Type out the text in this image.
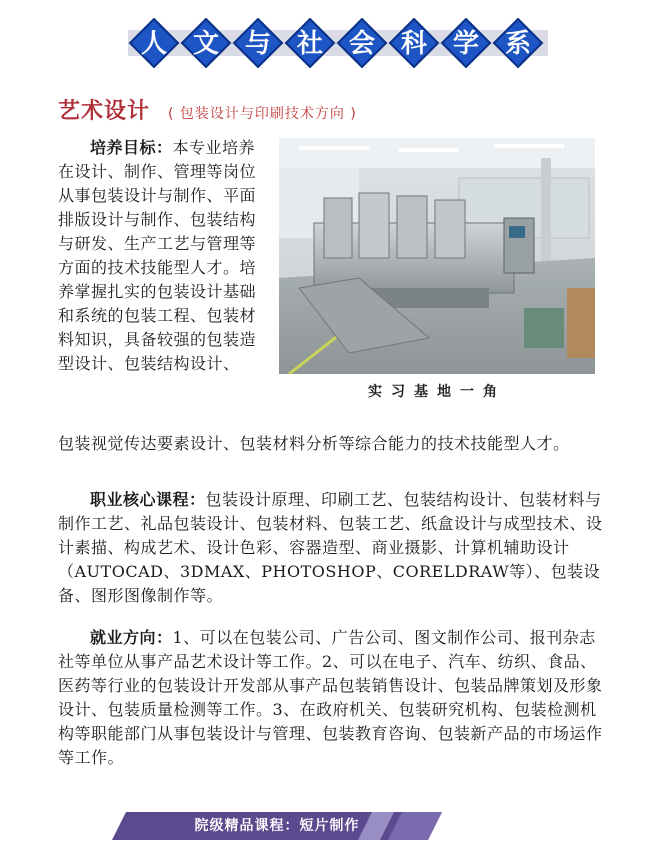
人 文 与 社 会 科 学 系
艺术设计 ( 包装设计与印刷技术方向 )
实习基地一角

培养目标：本专业培养在设计、制作、管理等岗位从事包装设计与制作、平面排版设计与制作、包装结构与研发、生产工艺与管理等方面的技术技能型人才。培养掌握扎实的包装设计基础和系统的包装工程、包装材料知识，具备较强的包装造型设计、包装结构设计、

包装视觉传达要素设计、包装材料分析等综合能力的技术技能型人才。

职业核心课程：包装设计原理、印刷工艺、包装结构设计、包装材料与制作工艺、礼品包装设计、包装材料、包装工艺、纸盒设计与成型技术、设计素描、构成艺术、设计色彩、容器造型、商业摄影、计算机辅助设计（AUTOCAD、3DMAX、PHOTOSHOP、CORELDRAW等）、包装设备、图形图像制作等。

就业方向：1、可以在包装公司、广告公司、图文制作公司、报刊杂志社等单位从事产品艺术设计等工作。2、可以在电子、汽车、纺织、食品、医药等行业的包装设计开发部从事产品包装销售设计、包装品牌策划及形象设计、包装质量检测等工作。3、在政府机关、包装研究机构、包装检测机构等职能部门从事包装设计与管理、包装教育咨询、包装新产品的市场运作等工作。

院级精品课程：短片制作
